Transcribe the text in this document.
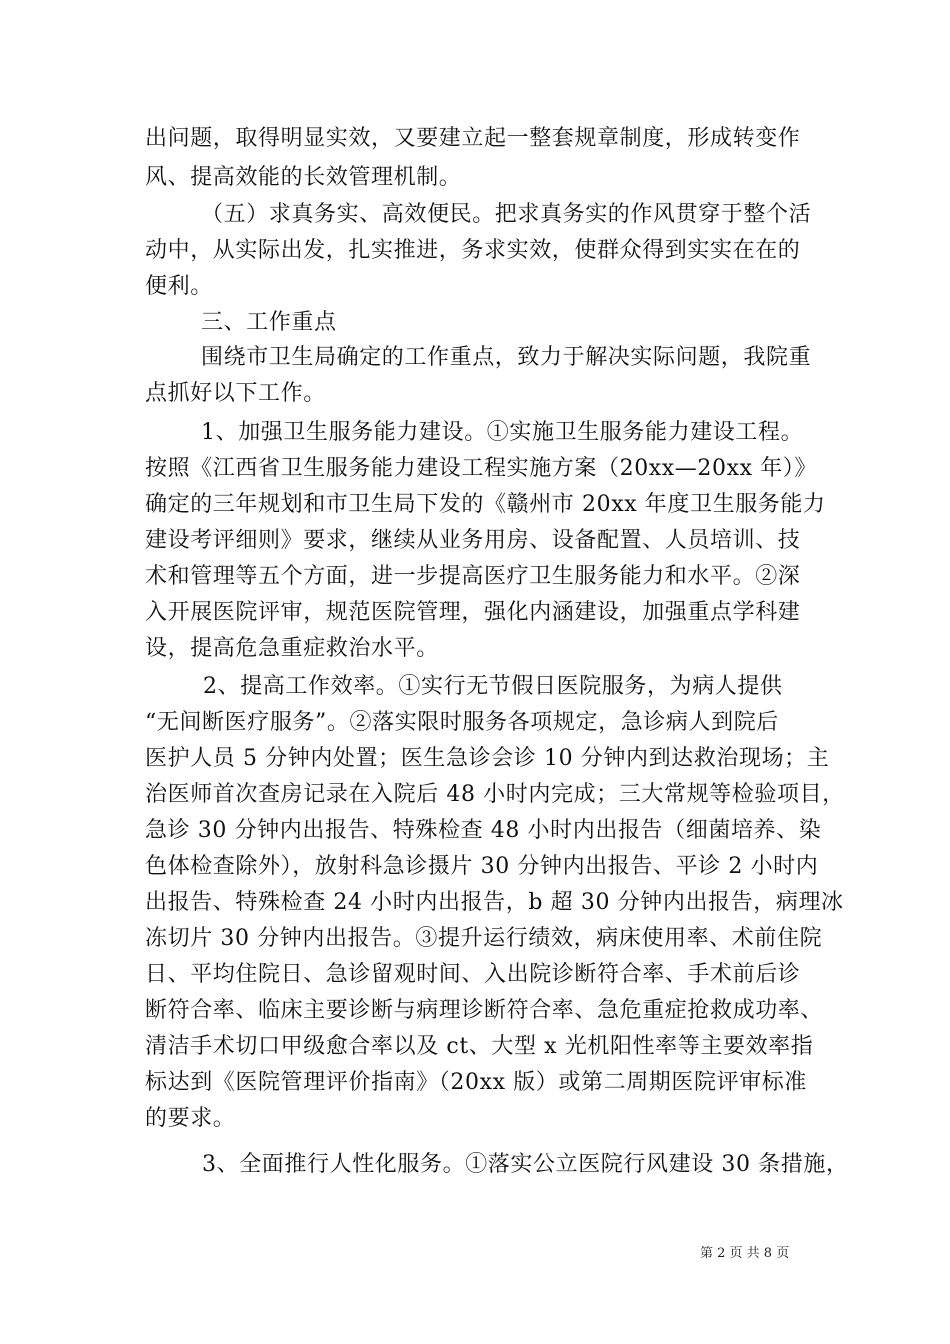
出问题，取得明显实效，又要建立起一整套规章制度，形成转变作
风、提高效能的长效管理机制。
（五）求真务实、高效便民。把求真务实的作风贯穿于整个活
动中，从实际出发，扎实推进，务求实效，使群众得到实实在在的
便利。
三、工作重点
围绕市卫生局确定的工作重点，致力于解决实际问题，我院重
点抓好以下工作。
1、加强卫生服务能力建设。①实施卫生服务能力建设工程。
按照《江西省卫生服务能力建设工程实施方案（20xx—20xx 年）》
确定的三年规划和市卫生局下发的《赣州市 20xx 年度卫生服务能力
建设考评细则》要求，继续从业务用房、设备配置、人员培训、技
术和管理等五个方面，进一步提高医疗卫生服务能力和水平。②深
入开展医院评审，规范医院管理，强化内涵建设，加强重点学科建
设，提高危急重症救治水平。
2、提高工作效率。①实行无节假日医院服务，为病人提供
“无间断医疗服务”。②落实限时服务各项规定，急诊病人到院后
医护人员 5 分钟内处置；医生急诊会诊 10 分钟内到达救治现场；主
治医师首次查房记录在入院后 48 小时内完成；三大常规等检验项目，
急诊 30 分钟内出报告、特殊检查 48 小时内出报告（细菌培养、染
色体检查除外），放射科急诊摄片 30 分钟内出报告、平诊 2 小时内
出报告、特殊检查 24 小时内出报告，b 超 30 分钟内出报告，病理冰
冻切片 30 分钟内出报告。③提升运行绩效，病床使用率、术前住院
日、平均住院日、急诊留观时间、入出院诊断符合率、手术前后诊
断符合率、临床主要诊断与病理诊断符合率、急危重症抢救成功率、
清洁手术切口甲级愈合率以及 ct、大型 x 光机阳性率等主要效率指
标达到《医院管理评价指南》（20xx 版）或第二周期医院评审标准
的要求。
3、全面推行人性化服务。①落实公立医院行风建设 30 条措施，
第 2 页 共 8 页
